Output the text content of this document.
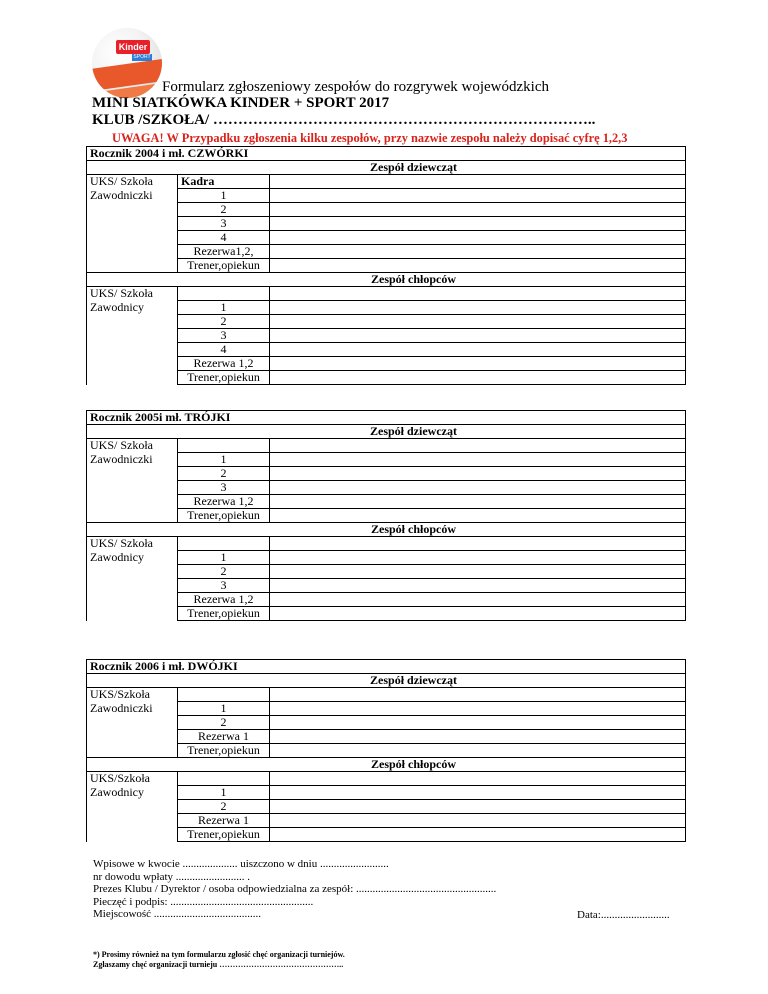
Kinder
SPORT
Formularz zgłoszeniowy zespołów do rozgrywek wojewódzkich
MINI SIATKÓWKA KINDER + SPORT 2017
KLUB /SZKOŁA/ …………………………………………………………………..
UWAGA! W Przypadku zgłoszenia kilku zespołów, przy nazwie zespołu należy dopisać cyfrę 1,2,3
Rocznik 2004 i mł. CZWÓRKI		
Zespół dziewcząt		
UKS/ Szkoła	Kadra	
Zawodniczki	1	
	2	
	3	
	4	
	Rezerwa1,2,	
	Trener,opiekun	
Zespół chłopców		
UKS/ Szkoła		
Zawodnicy	1	
	2	
	3	
	4	
	Rezerwa 1,2	
	Trener,opiekun	
Rocznik 2005i mł. TRÓJKI		
Zespół dziewcząt		
UKS/ Szkoła		
Zawodniczki	1	
	2	
	3	
	Rezerwa 1,2	
	Trener,opiekun	
Zespół chłopców		
UKS/ Szkoła		
Zawodnicy	1	
	2	
	3	
	Rezerwa 1,2	
	Trener,opiekun	
Rocznik 2006 i mł. DWÓJKI		
Zespół dziewcząt		
UKS/Szkoła		
Zawodniczki	1	
	2	
	Rezerwa 1	
	Trener,opiekun	
Zespół chłopców		
UKS/Szkoła		
Zawodnicy	1	
	2	
	Rezerwa 1	
	Trener,opiekun	
Wpisowe w kwocie .................... uiszczono w dniu .........................
nr dowodu wpłaty ......................... .
Prezes Klubu / Dyrektor / osoba odpowiedzialna za zespół: ...................................................
Pieczęć i podpis: ....................................................
Miejscowość .......................................	Data:.........................
*) Prosimy również na tym formularzu zgłosić chęć organizacji turniejów.
Zgłaszamy chęć organizacji turnieju ………………………………………..
